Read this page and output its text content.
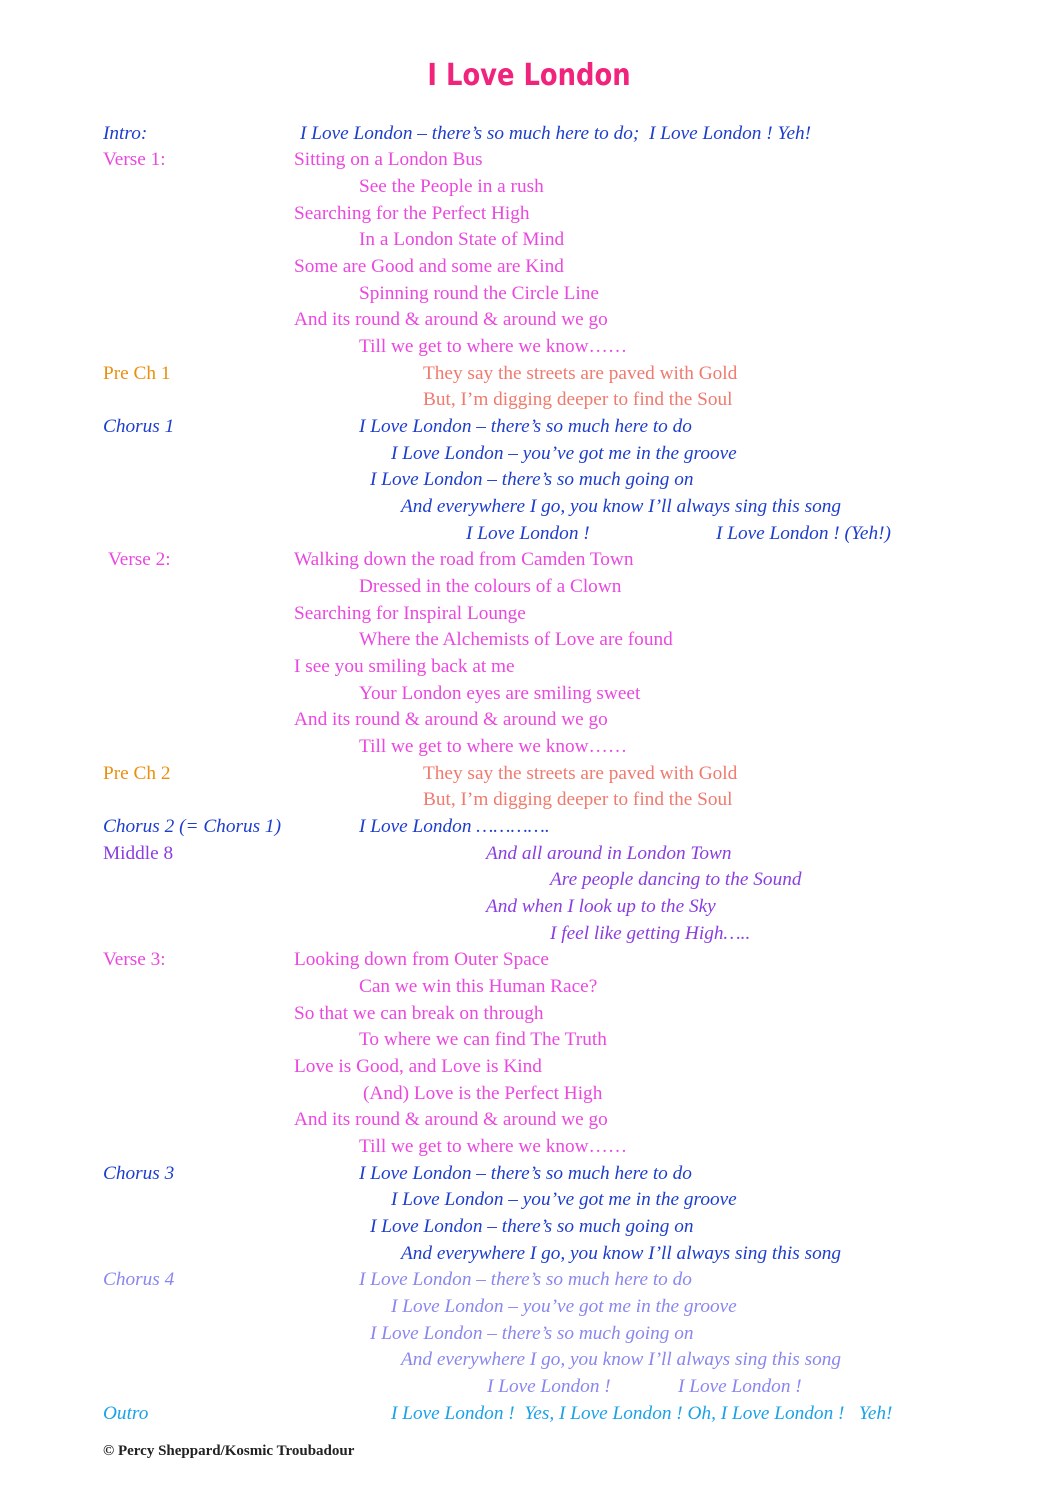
I Love London
Intro:	I Love London – there’s so much here to do;  I Love London ! Yeh!
Verse 1:	Sitting on a London Bus
See the People in a rush
Searching for the Perfect High
In a London State of Mind
Some are Good and some are Kind
Spinning round the Circle Line
And its round & around & around we go
Till we get to where we know……
Pre Ch 1	They say the streets are paved with Gold
But, I’m digging deeper to find the Soul
Chorus 1	I Love London – there’s so much here to do
I Love London – you’ve got me in the groove
I Love London – there’s so much going on
And everywhere I go, you know I’ll always sing this song
I Love London !	I Love London ! (Yeh!)
Verse 2:	Walking down the road from Camden Town
Dressed in the colours of a Clown
Searching for Inspiral Lounge
Where the Alchemists of Love are found
I see you smiling back at me
Your London eyes are smiling sweet
And its round & around & around we go
Till we get to where we know……
Pre Ch 2	They say the streets are paved with Gold
But, I’m digging deeper to find the Soul
Chorus 2 (= Chorus 1)	I Love London ………….
Middle 8	And all around in London Town
Are people dancing to the Sound
And when I look up to the Sky
I feel like getting High…..
Verse 3:	Looking down from Outer Space
Can we win this Human Race?
So that we can break on through
To where we can find The Truth
Love is Good, and Love is Kind
(And) Love is the Perfect High
And its round & around & around we go
Till we get to where we know……
Chorus 3	I Love London – there’s so much here to do
I Love London – you’ve got me in the groove
I Love London – there’s so much going on
And everywhere I go, you know I’ll always sing this song
Chorus 4	I Love London – there’s so much here to do
I Love London – you’ve got me in the groove
I Love London – there’s so much going on
And everywhere I go, you know I’ll always sing this song
I Love London !	I Love London !
Outro	I Love London !  Yes, I Love London ! Oh, I Love London !   Yeh!
© Percy Sheppard/Kosmic Troubadour
